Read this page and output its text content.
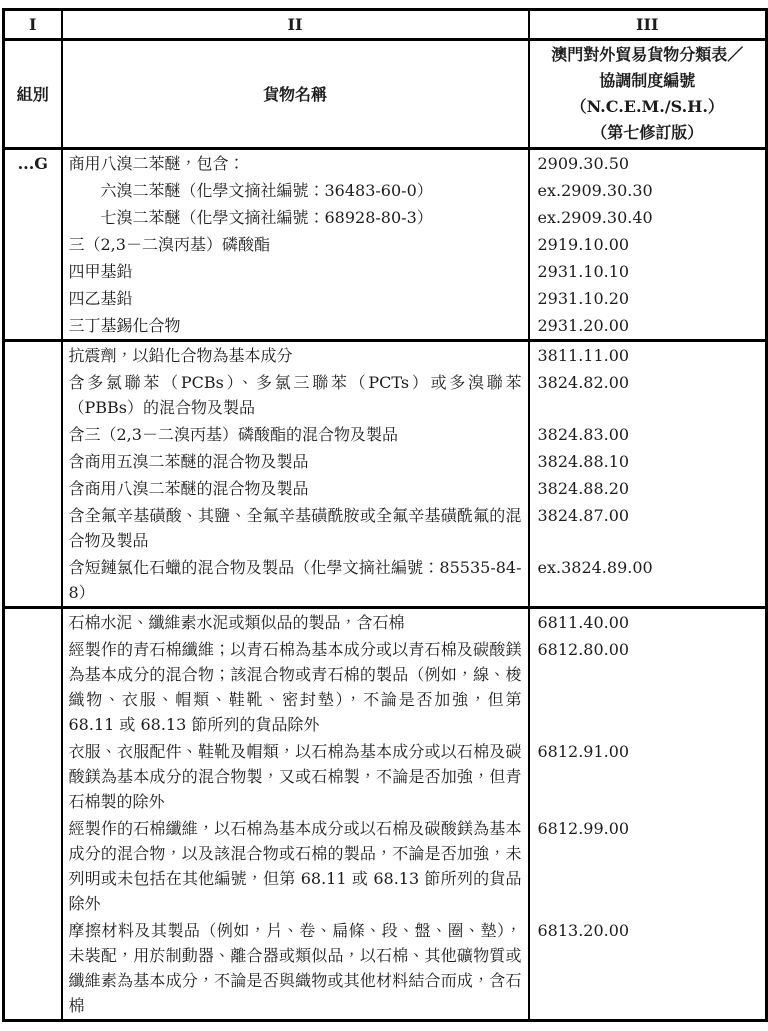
I	II	III
組別	貨物名稱	澳門對外貿易貨物分類表／
協調制度編號
（N.C.E.M./S.H.）
（第七修訂版）

...G	商用八溴二苯醚，包含：	2909.30.50
	六溴二苯醚（化學文摘社編號：36483-60-0）	ex.2909.30.30
	七溴二苯醚（化學文摘社編號：68928-80-3）	ex.2909.30.40
	三（2,3－二溴丙基）磷酸酯	2919.10.00
	四甲基鉛	2931.10.10
	四乙基鉛	2931.10.20
	三丁基錫化合物	2931.20.00
	抗震劑，以鉛化合物為基本成分	3811.11.00
	含多氯聯苯（PCBs）、多氯三聯苯（PCTs）或多溴聯苯（PBBs）的混合物及製品	3824.82.00
	含三（2,3－二溴丙基）磷酸酯的混合物及製品	3824.83.00
	含商用五溴二苯醚的混合物及製品	3824.88.10
	含商用八溴二苯醚的混合物及製品	3824.88.20
	含全氟辛基磺酸、其鹽、全氟辛基磺酰胺或全氟辛基磺酰氟的混合物及製品	3824.87.00
	含短鏈氯化石蠟的混合物及製品（化學文摘社編號：85535-84-8）	ex.3824.89.00
	石棉水泥、纖維素水泥或類似品的製品，含石棉	6811.40.00
	經製作的青石棉纖維；以青石棉為基本成分或以青石棉及碳酸鎂為基本成分的混合物；該混合物或青石棉的製品（例如，線、梭織物、衣服、帽類、鞋靴、密封墊），不論是否加強，但第 68.11 或 68.13 節所列的貨品除外	6812.80.00
	衣服、衣服配件、鞋靴及帽類，以石棉為基本成分或以石棉及碳酸鎂為基本成分的混合物製，又或石棉製，不論是否加強，但青石棉製的除外	6812.91.00
	經製作的石棉纖維，以石棉為基本成分或以石棉及碳酸鎂為基本成分的混合物，以及該混合物或石棉的製品，不論是否加強，未列明或未包括在其他編號，但第 68.11 或 68.13 節所列的貨品除外	6812.99.00
	摩擦材料及其製品（例如，片、卷、扁條、段、盤、圈、墊），未裝配，用於制動器、離合器或類似品，以石棉、其他礦物質或纖維素為基本成分，不論是否與織物或其他材料結合而成，含石棉	6813.20.00
